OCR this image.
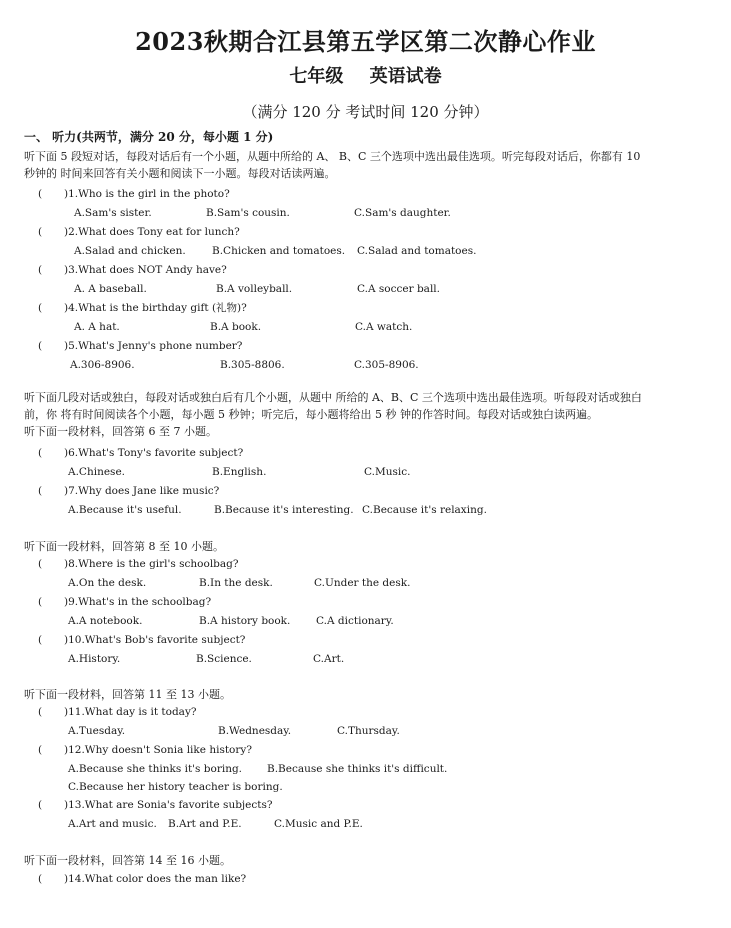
2023秋期合江县第五学区第二次静心作业
七年级 英语试卷
（满分 120 分 考试时间 120 分钟）
一、 听力(共两节，满分 20 分，每小题 1 分)
听下面 5 段短对话，每段对话后有一个小题，从题中所给的 A、 B、C 三个选项中选出最佳选项。听完每段对话后，你都有 10
秒钟的 时间来回答有关小题和阅读下一小题。每段对话读两遍。
( )1.Who is the girl in the photo?
A.Sam's sister.	B.Sam's cousin.	C.Sam's daughter.
( )2.What does Tony eat for lunch?
A.Salad and chicken.	B.Chicken and tomatoes. C.Salad and tomatoes.
( )3.What does NOT Andy have?
A. A baseball.	B.A volleyball.	C.A soccer ball.
( )4.What is the birthday gift (礼物)?
A. A hat.	B.A book.	C.A watch.
( )5.What's Jenny's phone number?
A.306-8906.	B.305-8806.	C.305-8906.
听下面几段对话或独白，每段对话或独白后有几个小题，从题中 所给的 A、B、C 三个选项中选出最佳选项。听每段对话或独白
前，你 将有时间阅读各个小题，每小题 5 秒钟；听完后，每小题将给出 5 秒 钟的作答时间。每段对话或独白读两遍。
听下面一段材料，回答第 6 至 7 小题。
( )6.What's Tony's favorite subject?
A.Chinese.	B.English.	C.Music.
( )7.Why does Jane like music?
A.Because it's useful.	B.Because it's interesting. C.Because it's relaxing.
听下面一段材料，回答第 8 至 10 小题。
( )8.Where is the girl's schoolbag?
A.On the desk.	B.In the desk.	C.Under the desk.
( )9.What's in the schoolbag?
A.A notebook.	B.A history book. C.A dictionary.
( )10.What's Bob's favorite subject?
A.History.	B.Science.	C.Art.
听下面一段材料，回答第 11 至 13 小题。
( )11.What day is it today?
A.Tuesday.	B.Wednesday.	C.Thursday.
( )12.Why doesn't Sonia like history?
A.Because she thinks it's boring. B.Because she thinks it's difficult.
C.Because her history teacher is boring.
( )13.What are Sonia's favorite subjects?
A.Art and music. B.Art and P.E.	C.Music and P.E.
听下面一段材料，回答第 14 至 16 小题。
( )14.What color does the man like?
